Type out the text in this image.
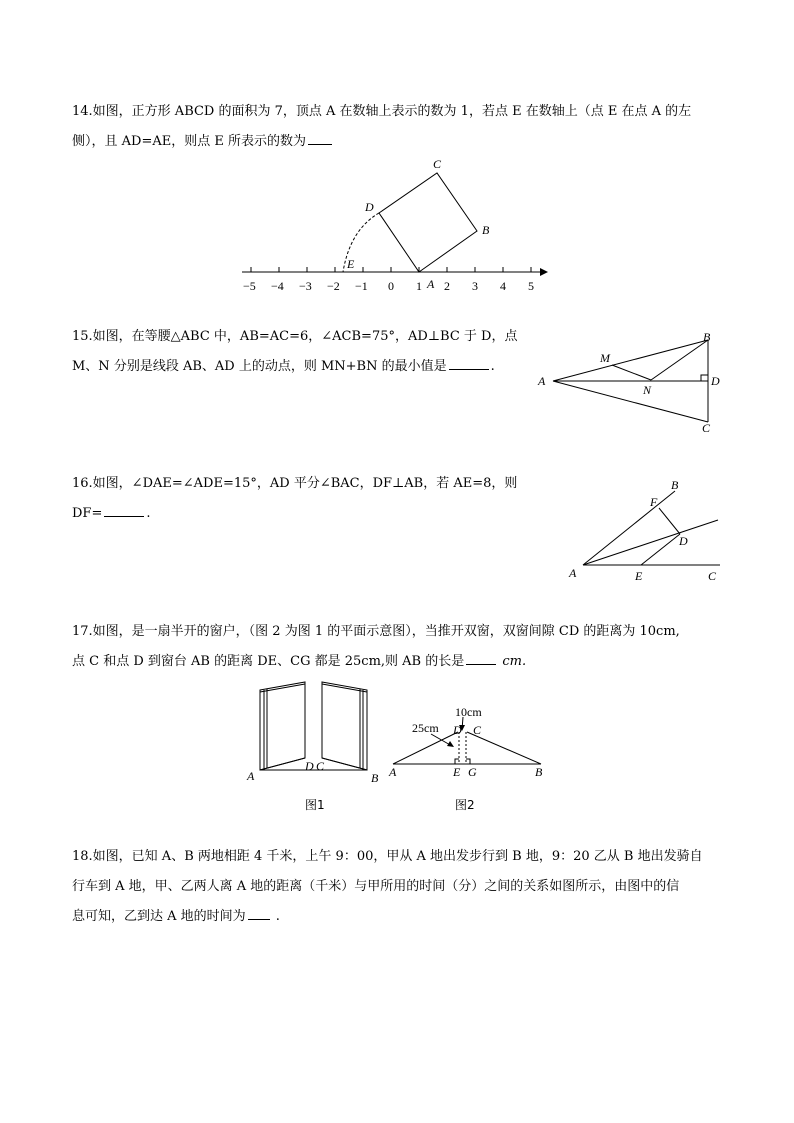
14.如图，正方形 ABCD 的面积为 7，顶点 A 在数轴上表示的数为 1，若点 E 在数轴上（点 E 在点 A 的左
侧），且 AD=AE，则点 E 所表示的数为
−5 −4 −3 −2 −1 0 1 2 3 4 5
A
B
C
D
E
15.如图，在等腰△ABC 中，AB=AC=6，∠ACB=75°，AD⊥BC 于 D，点
M、N 分别是线段 AB、AD 上的动点，则 MN+BN 的最小值是	.
A
B
C
D
M
N
16.如图，∠DAE=∠ADE=15°，AD 平分∠BAC，DF⊥AB，若 AE=8，则
DF=	.
A
B
C
D
E
F
17.如图，是一扇半开的窗户，（图 2 为图 1 的平面示意图），当推开双窗，双窗间隙 CD 的距离为 10cm,
点 C 和点 D 到窗台 AB 的距离 DE、CG 都是 25cm,则 AB 的长是	cm.
A	B
D C
图1
10cm
25cm
A	B
D C
E G
图2
18.如图，已知 A、B 两地相距 4 千米，上午 9：00，甲从 A 地出发步行到 B 地，9：20 乙从 B 地出发骑自
行车到 A 地，甲、乙两人离 A 地的距离（千米）与甲所用的时间（分）之间的关系如图所示，由图中的信
息可知，乙到达 A 地的时间为 .
